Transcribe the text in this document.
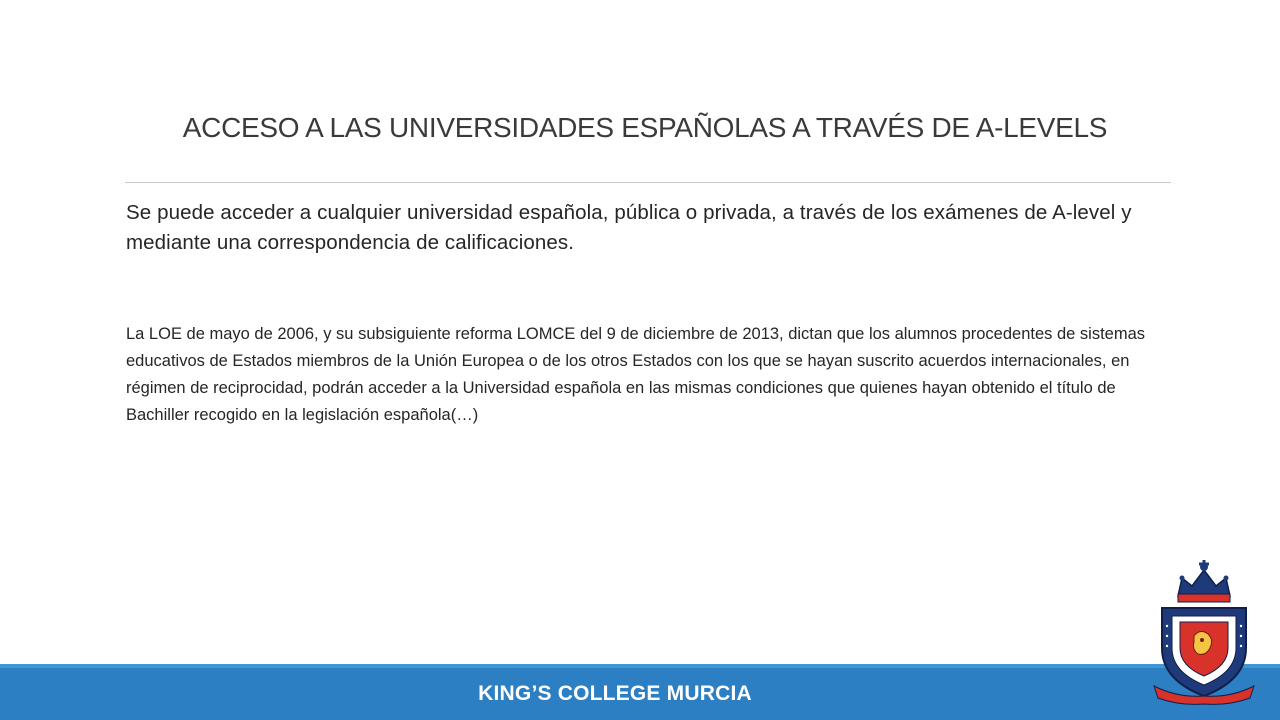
ACCESO A LAS UNIVERSIDADES ESPAÑOLAS A TRAVÉS DE A-LEVELS
Se puede acceder a cualquier universidad española, pública o privada, a través de los exámenes de A-level y mediante una correspondencia de calificaciones.
La LOE de mayo de 2006, y su subsiguiente reforma LOMCE del 9 de diciembre de 2013, dictan que los alumnos procedentes de sistemas educativos de Estados miembros de la Unión Europea o de los otros Estados con los que se hayan suscrito acuerdos internacionales, en régimen de reciprocidad, podrán acceder a la Universidad española en las mismas condiciones que quienes hayan obtenido el título de Bachiller recogido en la legislación española(…)
KING’S COLLEGE MURCIA
